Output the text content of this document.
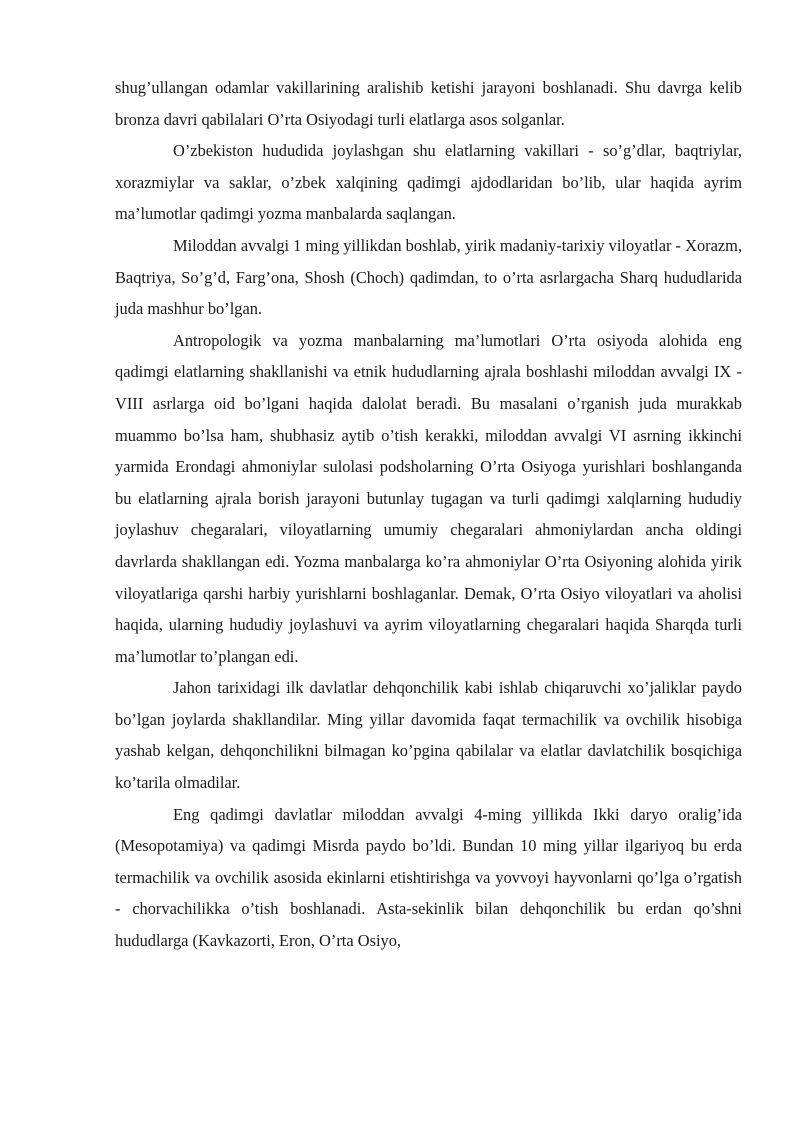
shug’ullangan odamlar vakillarining aralishib ketishi jarayoni boshlanadi. Shu davrga kelib bronza davri qabilalari O’rta Osiyodagi turli elatlarga asos solganlar.

O’zbekiston hududida joylashgan shu elatlarning vakillari - so’g’dlar, baqtriylar, xorazmiylar va saklar, o’zbek xalqining qadimgi ajdodlaridan bo’lib, ular haqida ayrim ma’lumotlar qadimgi yozma manbalarda saqlangan.

Miloddan avvalgi 1 ming yillikdan boshlab, yirik madaniy-tarixiy viloyatlar - Xorazm, Baqtriya, So’g’d, Farg’ona, Shosh (Choch) qadimdan, to o’rta asrlargacha Sharq hududlarida juda mashhur bo’lgan.

Antropologik va yozma manbalarning ma’lumotlari O’rta osiyoda alohida eng qadimgi elatlarning shakllanishi va etnik hududlarning ajrala boshlashi miloddan avvalgi IX - VIII asrlarga oid bo’lgani haqida dalolat beradi. Bu masalani o’rganish juda murakkab muammo bo’lsa ham, shubhasiz aytib o’tish kerakki, miloddan avvalgi VI asrning ikkinchi yarmida Erondagi ahmoniylar sulolasi podsholarning O’rta Osiyoga yurishlari boshlanganda bu elatlarning ajrala borish jarayoni butunlay tugagan va turli qadimgi xalqlarning hududiy joylashuv chegaralari, viloyatlarning umumiy chegaralari ahmoniylardan ancha oldingi davrlarda shakllangan edi. Yozma manbalarga ko’ra ahmoniylar O’rta Osiyoning alohida yirik viloyatlariga qarshi harbiy yurishlarni boshlaganlar. Demak, O’rta Osiyo viloyatlari va aholisi haqida, ularning hududiy joylashuvi va ayrim viloyatlarning chegaralari haqida Sharqda turli ma’lumotlar to’plangan edi.

Jahon tarixidagi ilk davlatlar dehqonchilik kabi ishlab chiqaruvchi xo’jaliklar paydo bo’lgan joylarda shakllandilar. Ming yillar davomida faqat termachilik va ovchilik hisobiga yashab kelgan, dehqonchilikni bilmagan ko’pgina qabilalar va elatlar davlatchilik bosqichiga ko’tarila olmadilar.

Eng qadimgi davlatlar miloddan avvalgi 4-ming yillikda Ikki daryo oralig’ida (Mesopotamiya) va qadimgi Misrda paydo bo’ldi. Bundan 10 ming yillar ilgariyoq bu erda termachilik va ovchilik asosida ekinlarni etishtirishga va yovvoyi hayvonlarni qo’lga o’rgatish - chorvachilikka o’tish boshlanadi. Asta-sekinlik bilan dehqonchilik bu erdan qo’shni hududlarga (Kavkazorti, Eron, O’rta Osiyo,
